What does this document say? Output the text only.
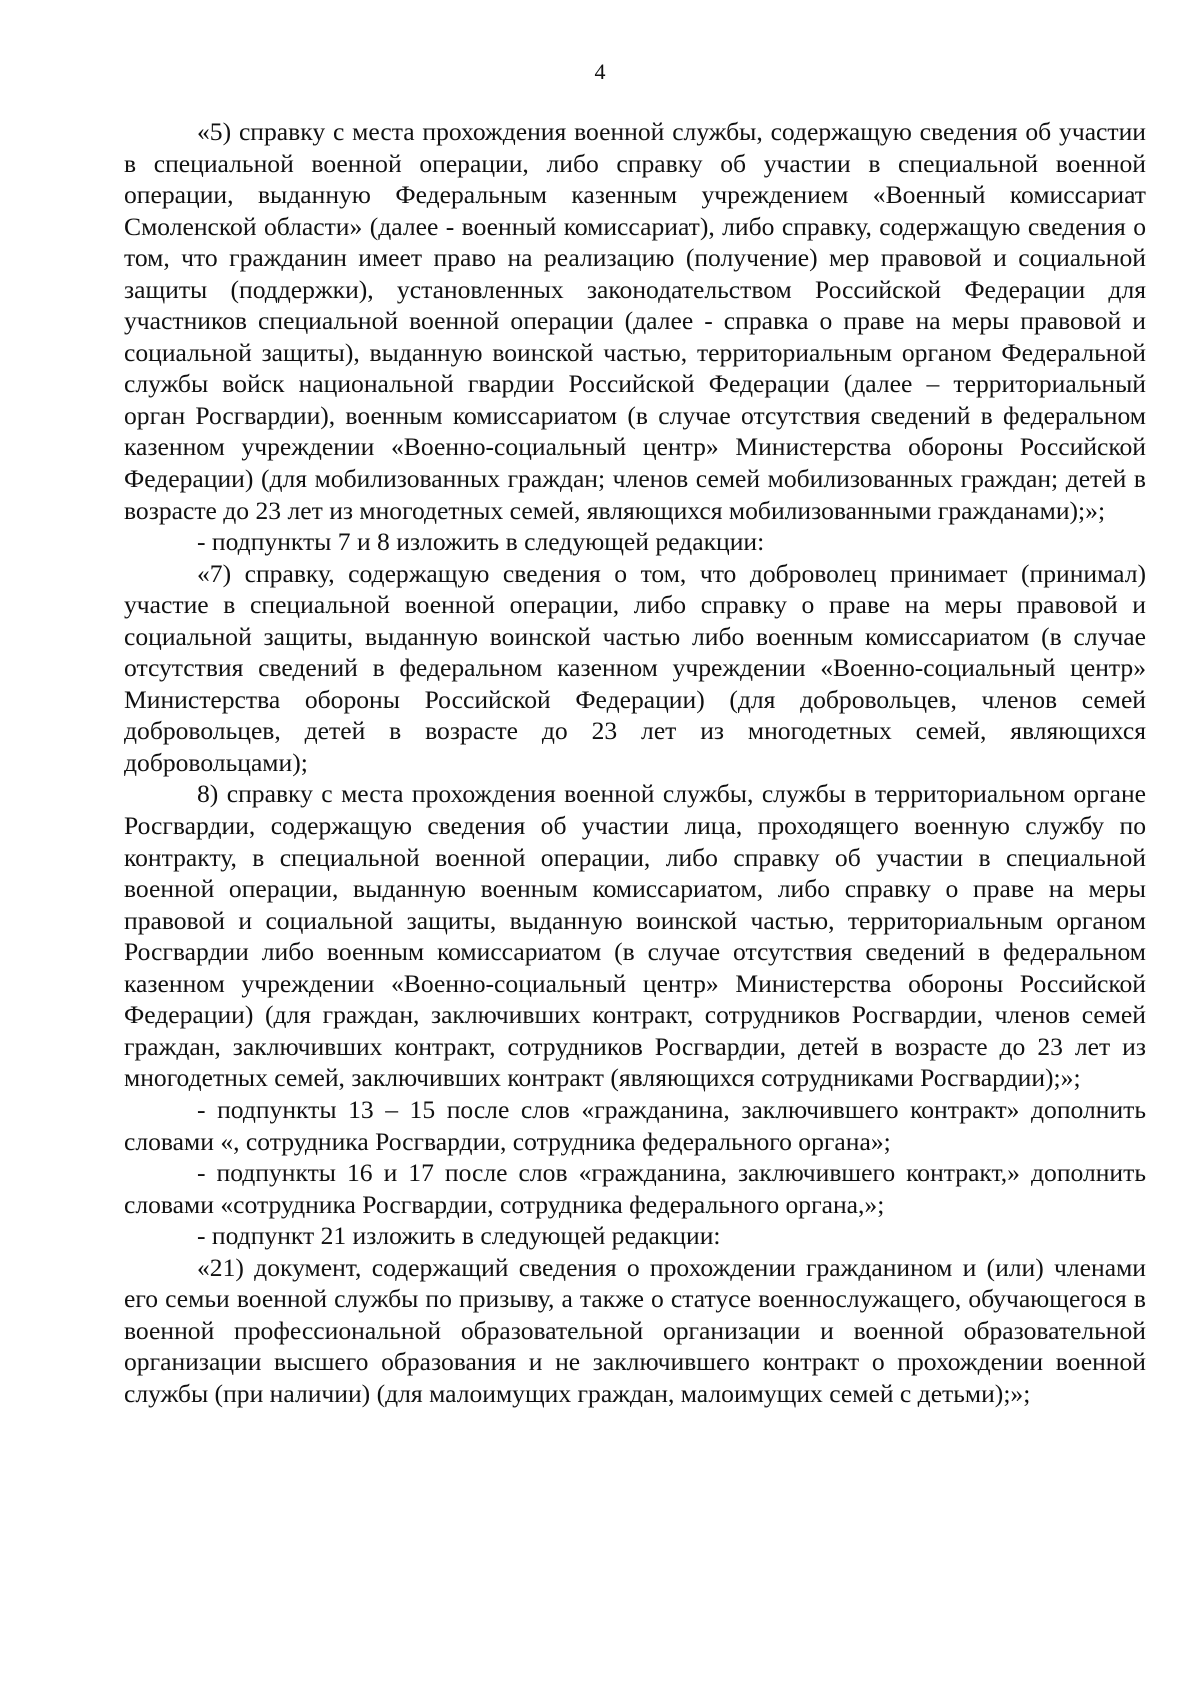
4

«5) справку с места прохождения военной службы, содержащую сведения об участии в специальной военной операции, либо справку об участии в специальной военной операции, выданную Федеральным казенным учреждением «Военный комиссариат Смоленской области» (далее - военный комиссариат), либо справку, содержащую сведения о том, что гражданин имеет право на реализацию (получение) мер правовой и социальной защиты (поддержки), установленных законодательством Российской Федерации для участников специальной военной операции (далее - справка о праве на меры правовой и социальной защиты), выданную воинской частью, территориальным органом Федеральной службы войск национальной гвардии Российской Федерации (далее – территориальный орган Росгвардии), военным комиссариатом (в случае отсутствия сведений в федеральном казенном учреждении «Военно-социальный центр» Министерства обороны Российской Федерации) (для мобилизованных граждан; членов семей мобилизованных граждан; детей в возрасте до 23 лет из многодетных семей, являющихся мобилизованными гражданами);»;

- подпункты 7 и 8 изложить в следующей редакции:

«7) справку, содержащую сведения о том, что доброволец принимает (принимал) участие в специальной военной операции, либо справку о праве на меры правовой и социальной защиты, выданную воинской частью либо военным комиссариатом (в случае отсутствия сведений в федеральном казенном учреждении «Военно-социальный центр» Министерства обороны Российской Федерации) (для добровольцев, членов семей добровольцев, детей в возрасте до 23 лет из многодетных семей, являющихся добровольцами);

8) справку с места прохождения военной службы, службы в территориальном органе Росгвардии, содержащую сведения об участии лица, проходящего военную службу по контракту, в специальной военной операции, либо справку об участии в специальной военной операции, выданную военным комиссариатом, либо справку о праве на меры правовой и социальной защиты, выданную воинской частью, территориальным органом Росгвардии либо военным комиссариатом (в случае отсутствия сведений в федеральном казенном учреждении «Военно-социальный центр» Министерства обороны Российской Федерации) (для граждан, заключивших контракт, сотрудников Росгвардии, членов семей граждан, заключивших контракт, сотрудников Росгвардии, детей в возрасте до 23 лет из многодетных семей, заключивших контракт (являющихся сотрудниками Росгвардии);»;

- подпункты 13 – 15 после слов «гражданина, заключившего контракт» дополнить словами «, сотрудника Росгвардии, сотрудника федерального органа»;

- подпункты 16 и 17 после слов «гражданина, заключившего контракт,» дополнить словами «сотрудника Росгвардии, сотрудника федерального органа,»;

- подпункт 21 изложить в следующей редакции:

«21) документ, содержащий сведения о прохождении гражданином и (или) членами его семьи военной службы по призыву, а также о статусе военнослужащего, обучающегося в военной профессиональной образовательной организации и военной образовательной организации высшего образования и не заключившего контракт о прохождении военной службы (при наличии) (для малоимущих граждан, малоимущих семей с детьми);»;
